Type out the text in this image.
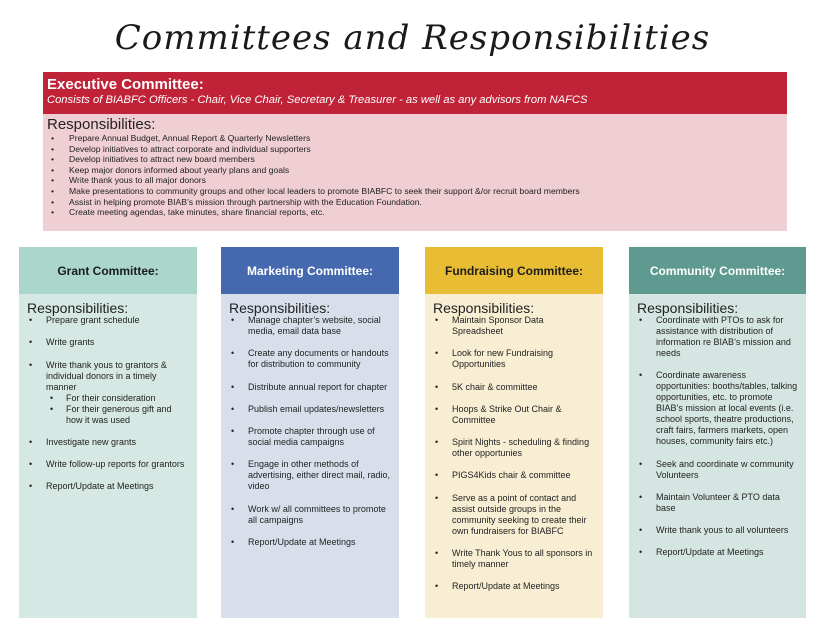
Committees and Responsibilities
Executive Committee:
Consists of BIABFC Officers - Chair, Vice Chair, Secretary & Treasurer - as well as any advisors from NAFCS
Responsibilities:
• Prepare Annual Budget, Annual Report & Quarterly Newsletters
• Develop initiatives to attract corporate and individual supporters
• Develop initiatives to attract new board members
• Keep major donors informed about yearly plans and goals
• Write thank yous to all major donors
• Make presentations to community groups and other local leaders to promote BIABFC to seek their support &/or recruit board members
• Assist in helping promote BIAB’s mission through partnership with the Education Foundation.
• Create meeting agendas, take minutes, share financial reports, etc.
Grant Committee:
Responsibilities:
• Prepare grant schedule
• Write grants
• Write thank yous to grantors & individual donors in a timely manner
• For their consideration
• For their generous gift and how it was used
• Investigate new grants
• Write follow-up reports for grantors
• Report/Update at Meetings
Marketing Committee:
Responsibilities:
• Manage chapter’s website, social media, email data base
• Create any documents or handouts for distribution to community
• Distribute annual report for chapter
• Publish email updates/newsletters
• Promote chapter through use of social media campaigns
• Engage in other methods of advertising, either direct mail, radio, video
• Work w/ all committees to promote all campaigns
• Report/Update at Meetings
Fundraising Committee:
Responsibilities:
• Maintain Sponsor Data Spreadsheet
• Look for new Fundraising Opportunities
• 5K chair & committee
• Hoops & Strike Out Chair & Committee
• Spirit Nights - scheduling & finding other opportunies
• PIGS4Kids chair & committee
• Serve as a point of contact and assist outside groups in the community seeking to create their own fundraisers for BIABFC
• Write Thank Yous to all sponsors in timely manner
• Report/Update at Meetings
Community Committee:
Responsibilities:
• Coordinate with PTOs to ask for assistance with distribution of information re BIAB’s mission and needs
• Coordinate awareness opportunities: booths/tables, talking opportunities, etc. to promote BIAB’s mission at local events (i.e. school sports, theatre productions, craft fairs, farmers markets, open houses, community fairs etc.)
• Seek and coordinate w community Volunteers
• Maintain Volunteer & PTO data base
• Write thank yous to all volunteers
• Report/Update at Meetings
